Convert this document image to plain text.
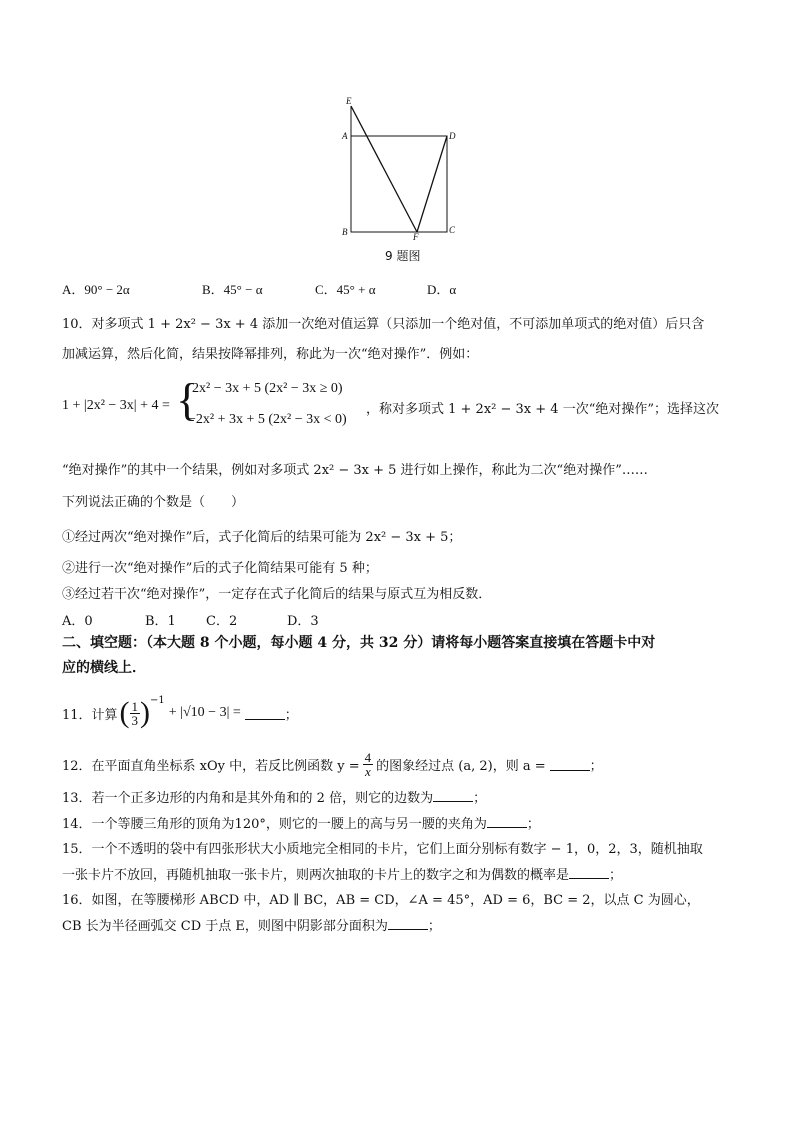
E
A	D
B	F
C
9 题图
A．90° − 2α	B．45° − α	C．45° + α	D．α
10．对多项式 1 + 2x² − 3x + 4 添加一次绝对值运算（只添加一个绝对值，不可添加单项式的绝对值）后只含
加减运算，然后化简，结果按降幂排列，称此为一次“绝对操作”．例如：
1 + |2x² − 3x| + 4 = {
2x² − 3x + 5 (2x² − 3x ≥ 0)
−2x² + 3x + 5 (2x² − 3x < 0)
，称对多项式 1 + 2x² − 3x + 4 一次“绝对操作”；选择这次
“绝对操作”的其中一个结果，例如对多项式 2x² − 3x + 5 进行如上操作，称此为二次“绝对操作”……
下列说法正确的个数是（　　）
①经过两次“绝对操作”后，式子化简后的结果可能为 2x² − 3x + 5；
②进行一次“绝对操作”后的式子化简结果可能有 5 种；
③经过若干次“绝对操作”，一定存在式子化简后的结果与原式互为相反数．
A．0	B．1 C．2	D．3
二、填空题：（本大题 8 个小题，每小题 4 分，共 32 分）请将每小题答案直接填在答题卡中对
应的横线上．
11．计算 ( $\frac{1}{3} )^{-1}$
+ |√10 − 3| =	；
12．在平面直角坐标系 xOy 中，若反比例函数 $y = \frac{4}{x}$ 的图象经过点 (a, 2)，则 a =	；
13．若一个正多边形的内角和是其外角和的 2 倍，则它的边数为	；
14．一个等腰三角形的顶角为120°，则它的一腰上的高与另一腰的夹角为	；
15．一个不透明的袋中有四张形状大小质地完全相同的卡片，它们上面分别标有数字 − 1，0，2，3，随机抽取
一张卡片不放回，再随机抽取一张卡片，则两次抽取的卡片上的数字之和为偶数的概率是	；
16．如图，在等腰梯形 ABCD 中，AD ∥ BC，AB = CD，∠A = 45°，AD = 6，BC = 2，以点 C 为圆心，
CB 长为半径画弧交 CD 于点 E，则图中阴影部分面积为	；
